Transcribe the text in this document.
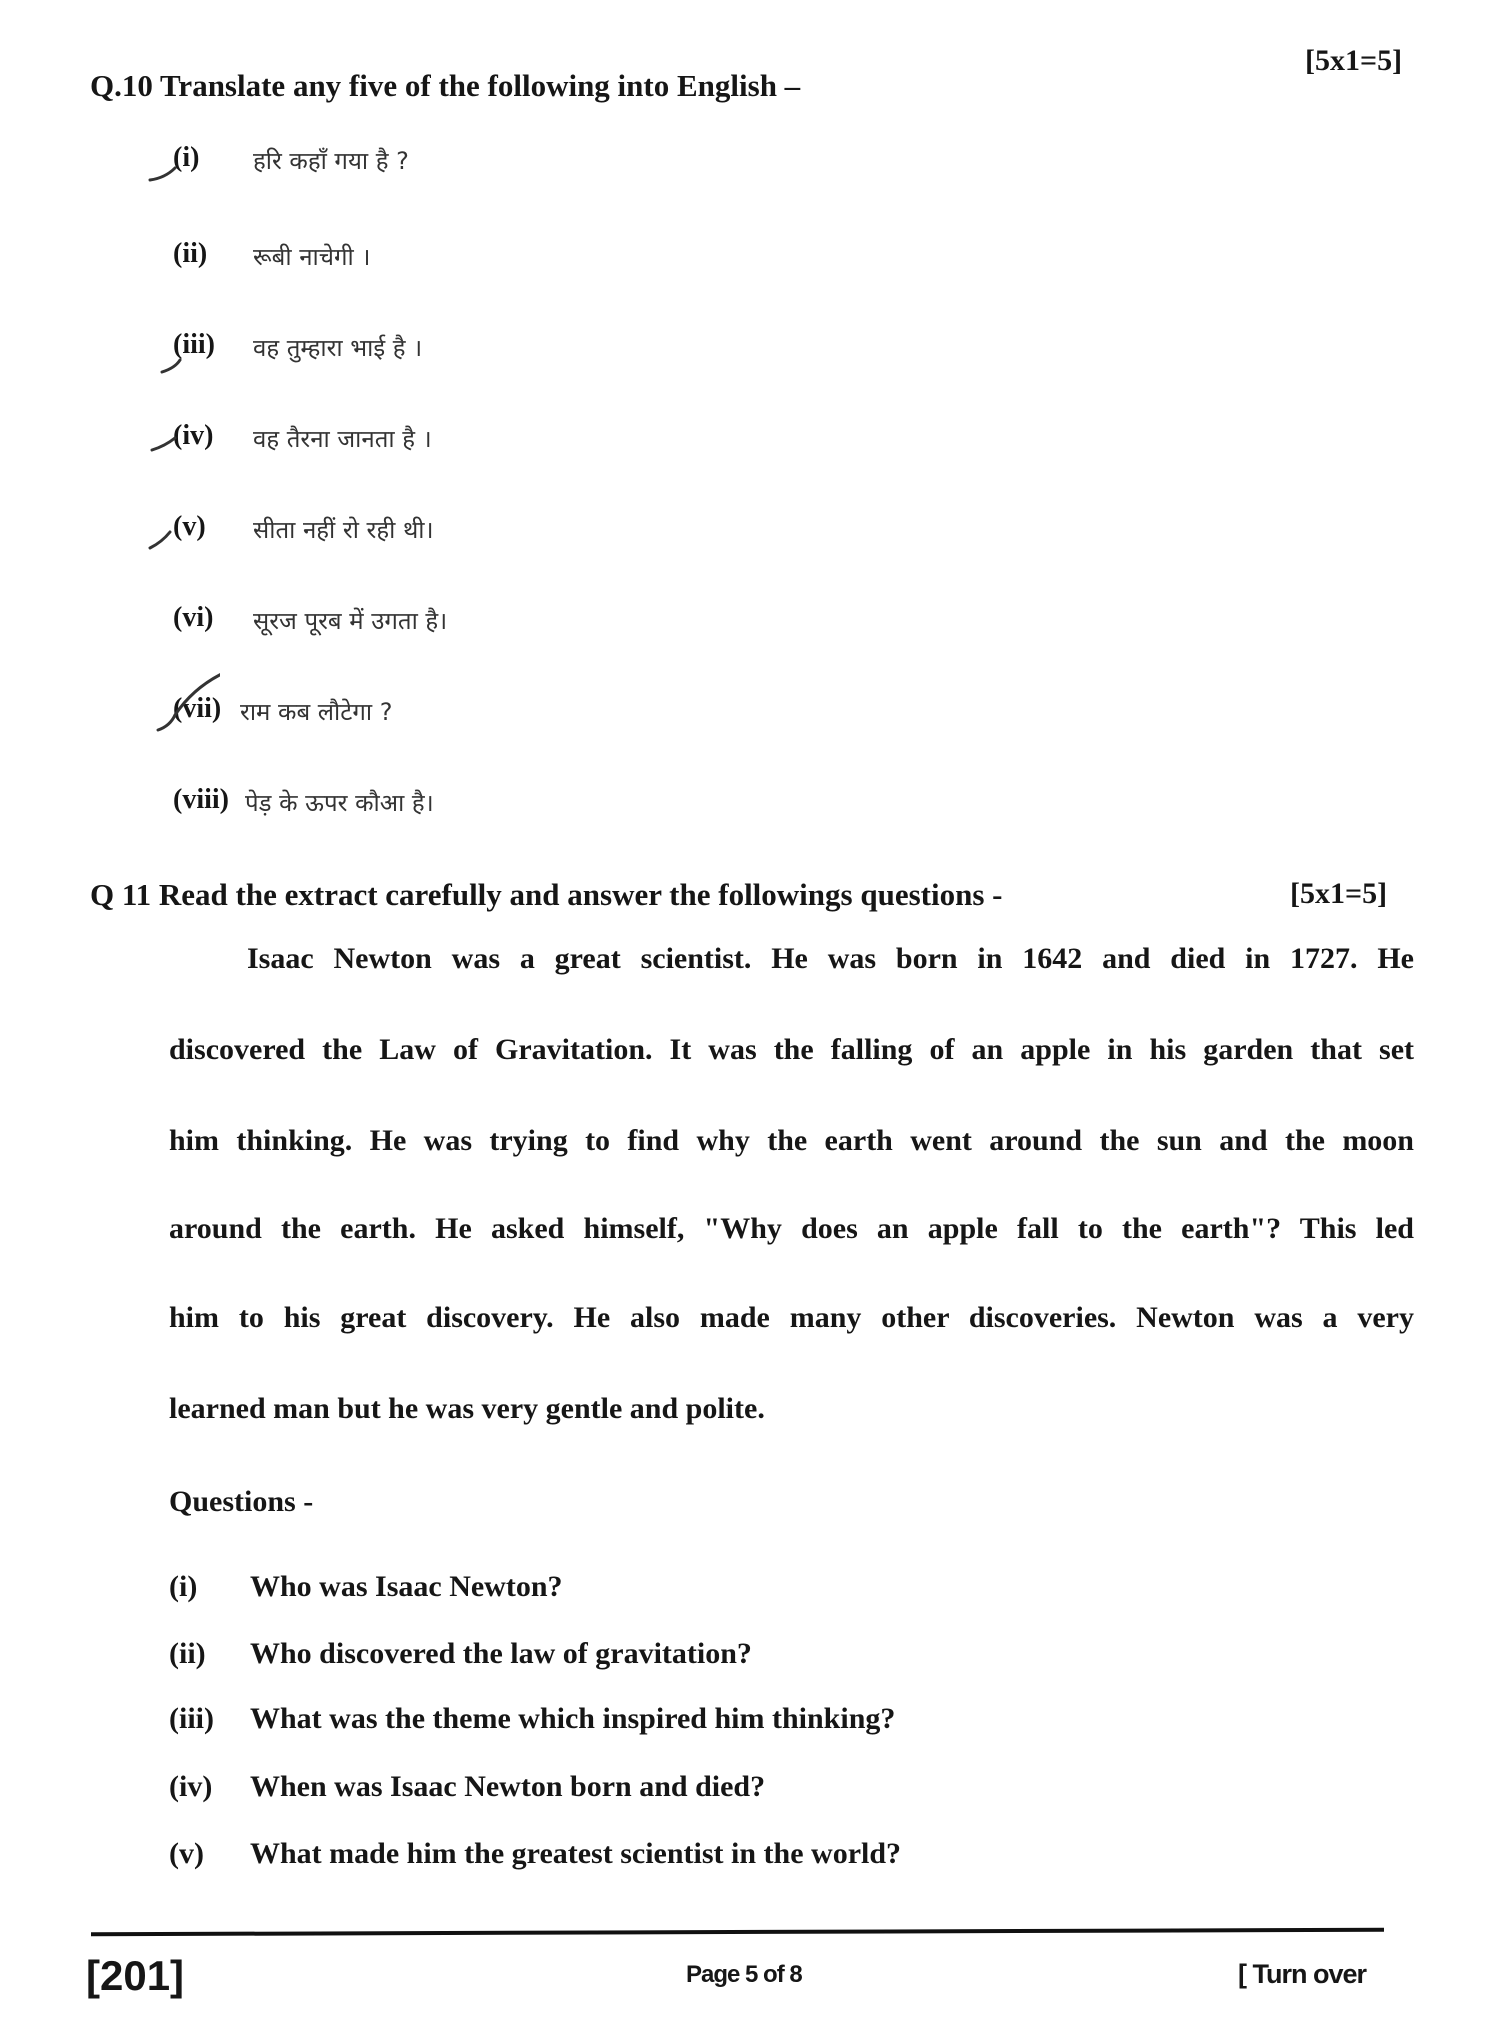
Q.10 Translate any five of the following into English –
[5x1=5]
(i) हरि कहाँ गया है ?
(ii) रूबी नाचेगी ।
(iii) वह तुम्हारा भाई है ।
(iv) वह तैरना जानता है ।
(v) सीता नहीं रो रही थी।
(vi) सूरज पूरब में उगता है।
(vii) राम कब लौटेगा ?
(viii) पेड़ के ऊपर कौआ है।
Q 11 Read the extract carefully and answer the followings questions -	[5x1=5]
Isaac Newton was a great scientist. He was born in 1642 and died in 1727. He
discovered the Law of Gravitation. It was the falling of an apple in his garden that set
him thinking. He was trying to find why the earth went around the sun and the moon
around the earth. He asked himself, "Why does an apple fall to the earth"? This led
him to his great discovery. He also made many other discoveries. Newton was a very
learned man but he was very gentle and polite.
Questions -
(i) Who was Isaac Newton?
(ii) Who discovered the law of gravitation?
(iii) What was the theme which inspired him thinking?
(iv) When was Isaac Newton born and died?
(v) What made him the greatest scientist in the world?
[201]	Page 5 of 8	[ Turn over
